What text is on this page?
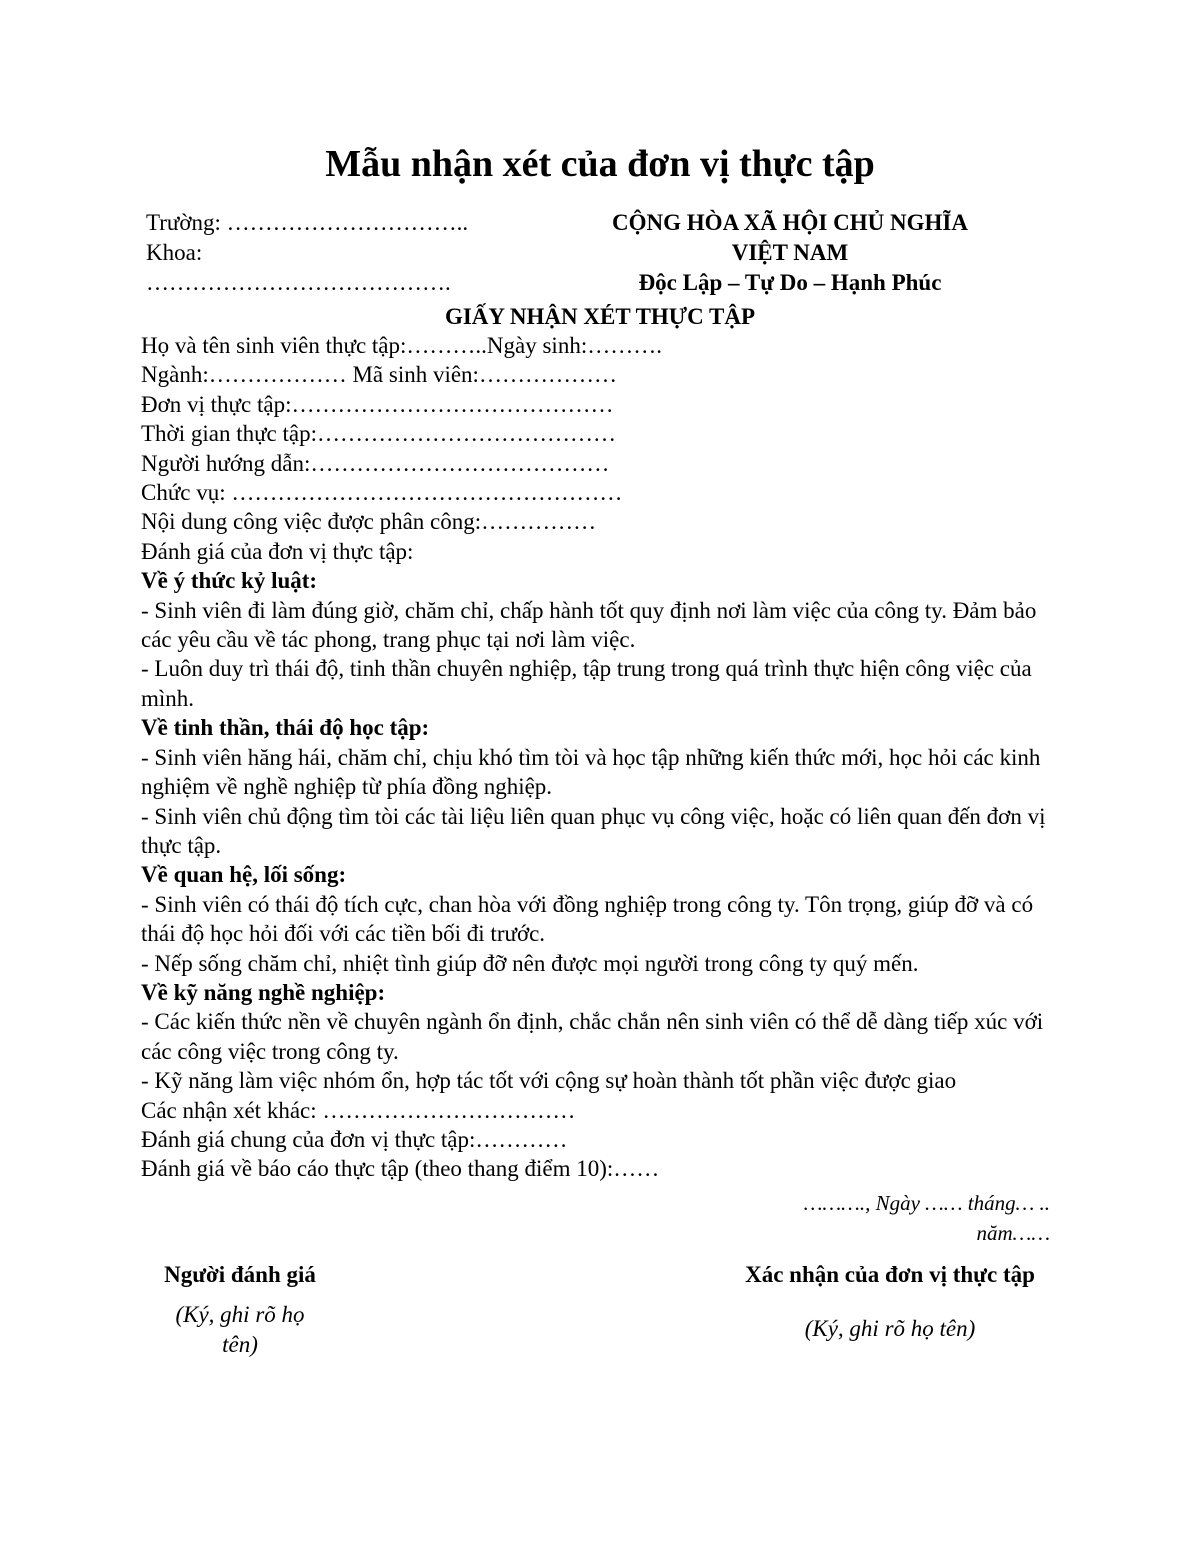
Mẫu nhận xét của đơn vị thực tập
Trường: …………………………..
Khoa:
………………………………….
CỘNG HÒA XÃ HỘI CHỦ NGHĨA
VIỆT NAM
Độc Lập – Tự Do – Hạnh Phúc
GIẤY NHẬN XÉT THỰC TẬP
Họ và tên sinh viên thực tập:………..Ngày sinh:……….
Ngành:……………… Mã sinh viên:………………
Đơn vị thực tập:……………………………………
Thời gian thực tập:…………………………………
Người hướng dẫn:…………………………………
Chức vụ: ……………………………………………
Nội dung công việc được phân công:……………
Đánh giá của đơn vị thực tập:
Về ý thức kỷ luật:
- Sinh viên đi làm đúng giờ, chăm chỉ, chấp hành tốt quy định nơi làm việc của công ty. Đảm bảo các yêu cầu về tác phong, trang phục tại nơi làm việc.
- Luôn duy trì thái độ, tinh thần chuyên nghiệp, tập trung trong quá trình thực hiện công việc của mình.
Về tinh thần, thái độ học tập:
- Sinh viên hăng hái, chăm chỉ, chịu khó tìm tòi và học tập những kiến thức mới, học hỏi các kinh nghiệm về nghề nghiệp từ phía đồng nghiệp.
- Sinh viên chủ động tìm tòi các tài liệu liên quan phục vụ công việc, hoặc có liên quan đến đơn vị thực tập.
Về quan hệ, lối sống:
- Sinh viên có thái độ tích cực, chan hòa với đồng nghiệp trong công ty. Tôn trọng, giúp đỡ và có thái độ học hỏi đối với các tiền bối đi trước.
- Nếp sống chăm chỉ, nhiệt tình giúp đỡ nên được mọi người trong công ty quý mến.
Về kỹ năng nghề nghiệp:
- Các kiến thức nền về chuyên ngành ổn định, chắc chắn nên sinh viên có thể dễ dàng tiếp xúc với các công việc trong công ty.
- Kỹ năng làm việc nhóm ổn, hợp tác tốt với cộng sự hoàn thành tốt phần việc được giao
Các nhận xét khác: ……………………………
Đánh giá chung của đơn vị thực tập:…………
Đánh giá về báo cáo thực tập (theo thang điểm 10):……
………., Ngày …… tháng… ..
năm……
Người đánh giá
(Ký, ghi rõ họ
tên)
Xác nhận của đơn vị thực tập
(Ký, ghi rõ họ tên)
